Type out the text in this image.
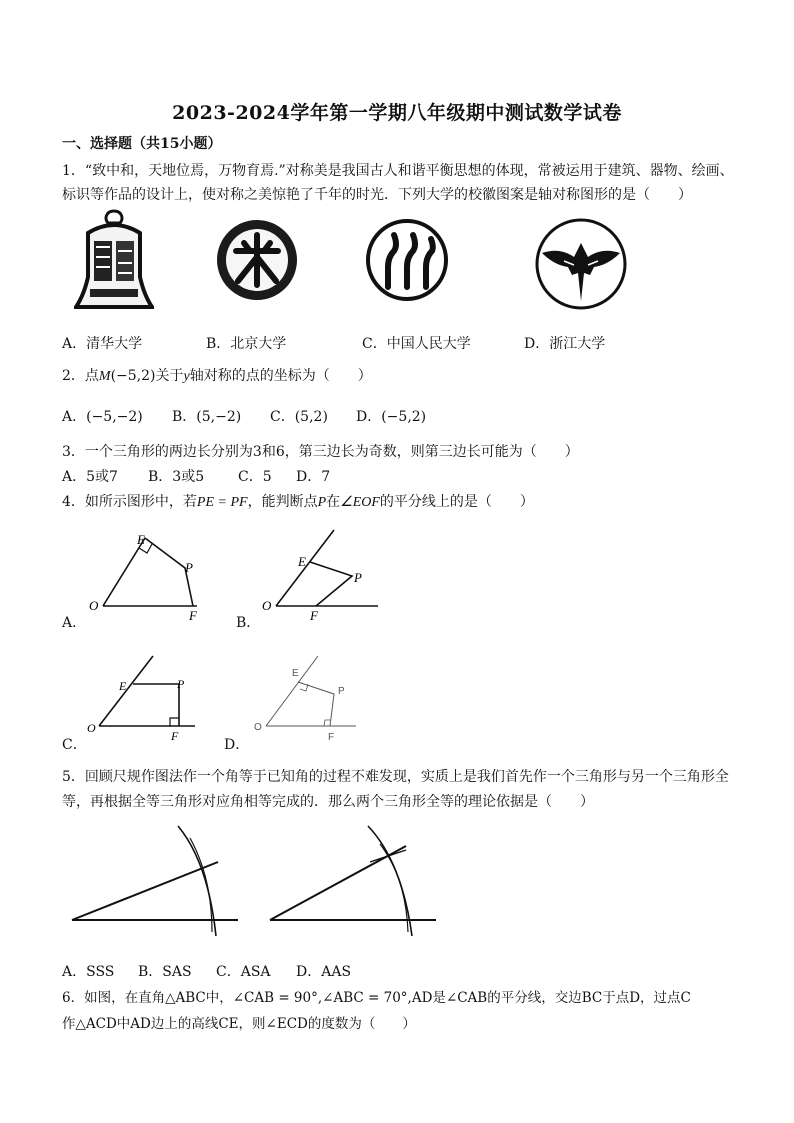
2023-2024学年第一学期八年级期中测试数学试卷
一、选择题（共15小题）
1．“致中和，天地位焉，万物育焉.”对称美是我国古人和谐平衡思想的体现，常被运用于建筑、器物、绘画、
标识等作品的设计上，使对称之美惊艳了千年的时光．下列大学的校徽图案是轴对称图形的是（　　）
A．清华大学	B．北京大学	C．中国人民大学	D．浙江大学
2．点M(−5,2)关于y轴对称的点的坐标为（　　）
A．(−5,−2) B．(5,−2) C．(5,2) D．(−5,2)
3．一个三角形的两边长分别为3和6，第三边长为奇数，则第三边长可能为（　　）
A．5或7 B．3或5 C．5 D．7
4．如所示图形中，若PE = PF，能判断点P在∠EOF的平分线上的是（　　）
O
E
P
F
A．
O
E
P
F
B．
O
E	P
F
C．
O
E
P
F
D．
5．回顾尺规作图法作一个角等于已知角的过程不难发现，实质上是我们首先作一个三角形与另一个三角形全
等，再根据全等三角形对应角相等完成的．那么两个三角形全等的理论依据是（　　）
A．SSS B．SAS C．ASA D．AAS
6．如图，在直角△ABC中，∠CAB = 90°,∠ABC = 70°,AD是∠CAB的平分线，交边BC于点D，过点C
作△ACD中AD边上的高线CE，则∠ECD的度数为（　　）
